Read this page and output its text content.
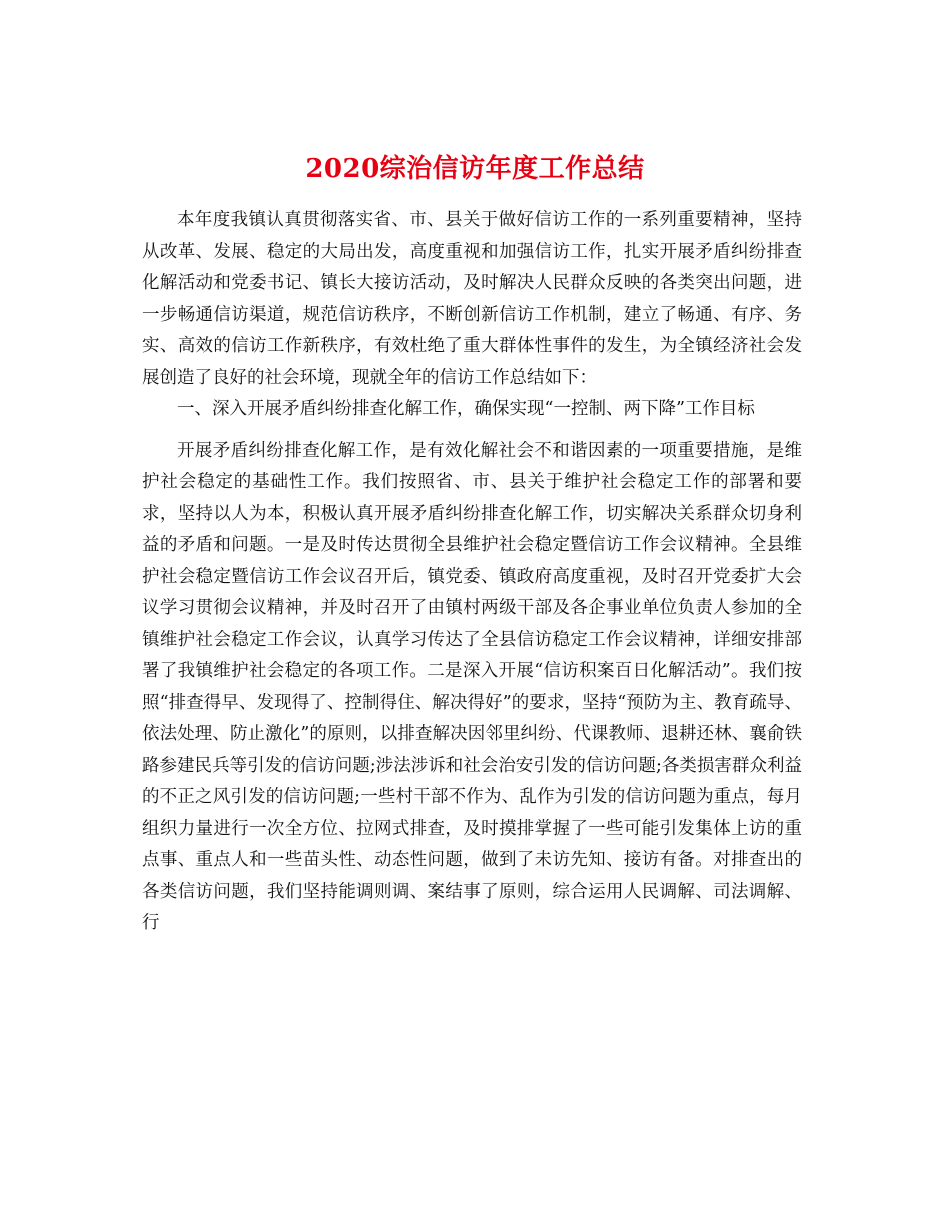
2020综治信访年度工作总结

本年度我镇认真贯彻落实省、市、县关于做好信访工作的一系列重要精神，坚持从改革、发展、稳定的大局出发，高度重视和加强信访工作，扎实开展矛盾纠纷排查化解活动和党委书记、镇长大接访活动，及时解决人民群众反映的各类突出问题，进一步畅通信访渠道，规范信访秩序，不断创新信访工作机制，建立了畅通、有序、务实、高效的信访工作新秩序，有效杜绝了重大群体性事件的发生，为全镇经济社会发展创造了良好的社会环境，现就全年的信访工作总结如下：

一、深入开展矛盾纠纷排查化解工作，确保实现“一控制、两下降”工作目标

开展矛盾纠纷排查化解工作，是有效化解社会不和谐因素的一项重要措施，是维护社会稳定的基础性工作。我们按照省、市、县关于维护社会稳定工作的部署和要求，坚持以人为本，积极认真开展矛盾纠纷排查化解工作，切实解决关系群众切身利益的矛盾和问题。一是及时传达贯彻全县维护社会稳定暨信访工作会议精神。全县维护社会稳定暨信访工作会议召开后，镇党委、镇政府高度重视，及时召开党委扩大会议学习贯彻会议精神，并及时召开了由镇村两级干部及各企事业单位负责人参加的全镇维护社会稳定工作会议，认真学习传达了全县信访稳定工作会议精神，详细安排部署了我镇维护社会稳定的各项工作。二是深入开展“信访积案百日化解活动”。我们按照“排查得早、发现得了、控制得住、解决得好”的要求，坚持“预防为主、教育疏导、依法处理、防止激化”的原则，以排查解决因邻里纠纷、代课教师、退耕还林、襄俞铁路参建民兵等引发的信访问题;涉法涉诉和社会治安引发的信访问题;各类损害群众利益的不正之风引发的信访问题;一些村干部不作为、乱作为引发的信访问题为重点，每月组织力量进行一次全方位、拉网式排查，及时摸排掌握了一些可能引发集体上访的重点事、重点人和一些苗头性、动态性问题，做到了未访先知、接访有备。对排查出的各类信访问题，我们坚持能调则调、案结事了原则，综合运用人民调解、司法调解、行
